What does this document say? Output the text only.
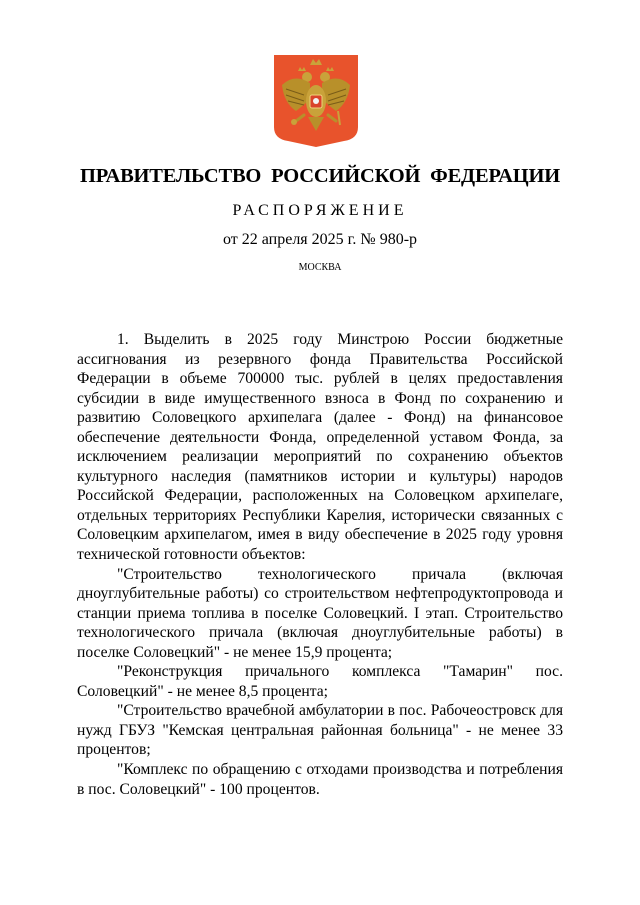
ПРАВИТЕЛЬСТВО РОССИЙСКОЙ ФЕДЕРАЦИИ

РАСПОРЯЖЕНИЕ

от 22 апреля 2025 г. № 980-р

МОСКВА

1. Выделить в 2025 году Минстрою России бюджетные ассигнования из резервного фонда Правительства Российской Федерации в объеме 700000 тыс. рублей в целях предоставления субсидии в виде имущественного взноса в Фонд по сохранению и развитию Соловецкого архипелага (далее - Фонд) на финансовое обеспечение деятельности Фонда, определенной уставом Фонда, за исключением реализации мероприятий по сохранению объектов культурного наследия (памятников истории и культуры) народов Российской Федерации, расположенных на Соловецком архипелаге, отдельных территориях Республики Карелия, исторически связанных с Соловецким архипелагом, имея в виду обеспечение в 2025 году уровня технической готовности объектов:

"Строительство технологического причала (включая дноуглубительные работы) со строительством нефтепродуктопровода и станции приема топлива в поселке Соловецкий. I этап. Строительство технологического причала (включая дноуглубительные работы) в поселке Соловецкий" - не менее 15,9 процента;
"Реконструкция причального комплекса "Тамарин" пос. Соловецкий" - не менее 8,5 процента;
"Строительство врачебной амбулатории в пос. Рабочеостровск для нужд ГБУЗ "Кемская центральная районная больница" - не менее 33 процентов;
"Комплекс по обращению с отходами производства и потребления в пос. Соловецкий" - 100 процентов.
